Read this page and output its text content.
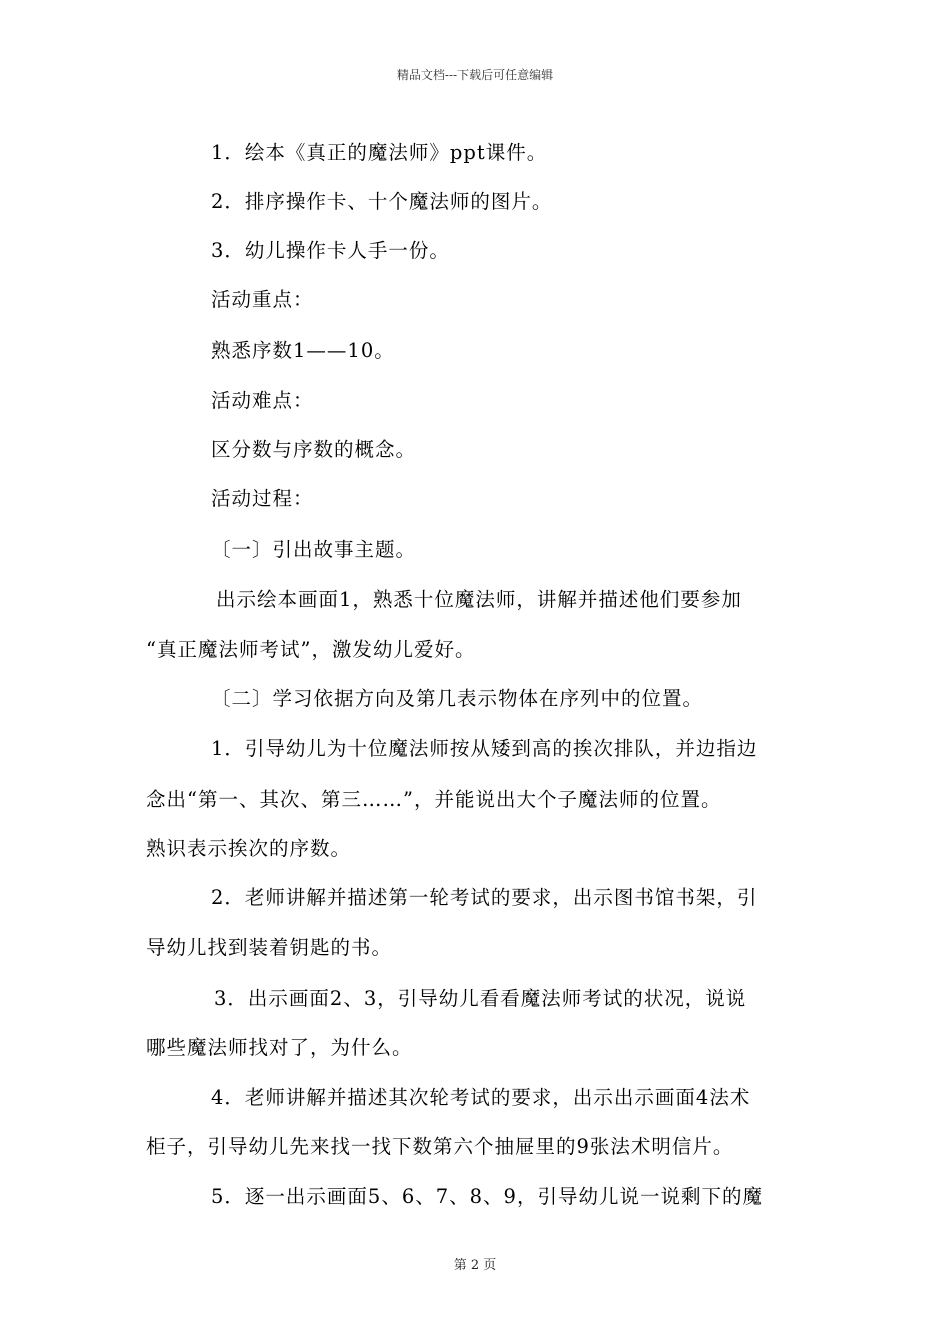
精品文档---下载后可任意编辑

1．绘本《真正的魔法师》ppt课件。

2．排序操作卡、十个魔法师的图片。

3．幼儿操作卡人手一份。

活动重点：

熟悉序数1——10。

活动难点：

区分数与序数的概念。

活动过程：

〔一〕引出故事主题。

出示绘本画面1，熟悉十位魔法师，讲解并描述他们要参加

“真正魔法师考试”，激发幼儿爱好。

〔二〕学习依据方向及第几表示物体在序列中的位置。

1．引导幼儿为十位魔法师按从矮到高的挨次排队，并边指边

念出“第一、其次、第三……”，并能说出大个子魔法师的位置。

熟识表示挨次的序数。

2．老师讲解并描述第一轮考试的要求，出示图书馆书架，引

导幼儿找到装着钥匙的书。

3．出示画面2、3，引导幼儿看看魔法师考试的状况，说说

哪些魔法师找对了，为什么。

4．老师讲解并描述其次轮考试的要求，出示出示画面4法术

柜子，引导幼儿先来找一找下数第六个抽屉里的9张法术明信片。

5．逐一出示画面5、6、7、8、9，引导幼儿说一说剩下的魔

第 2 页
